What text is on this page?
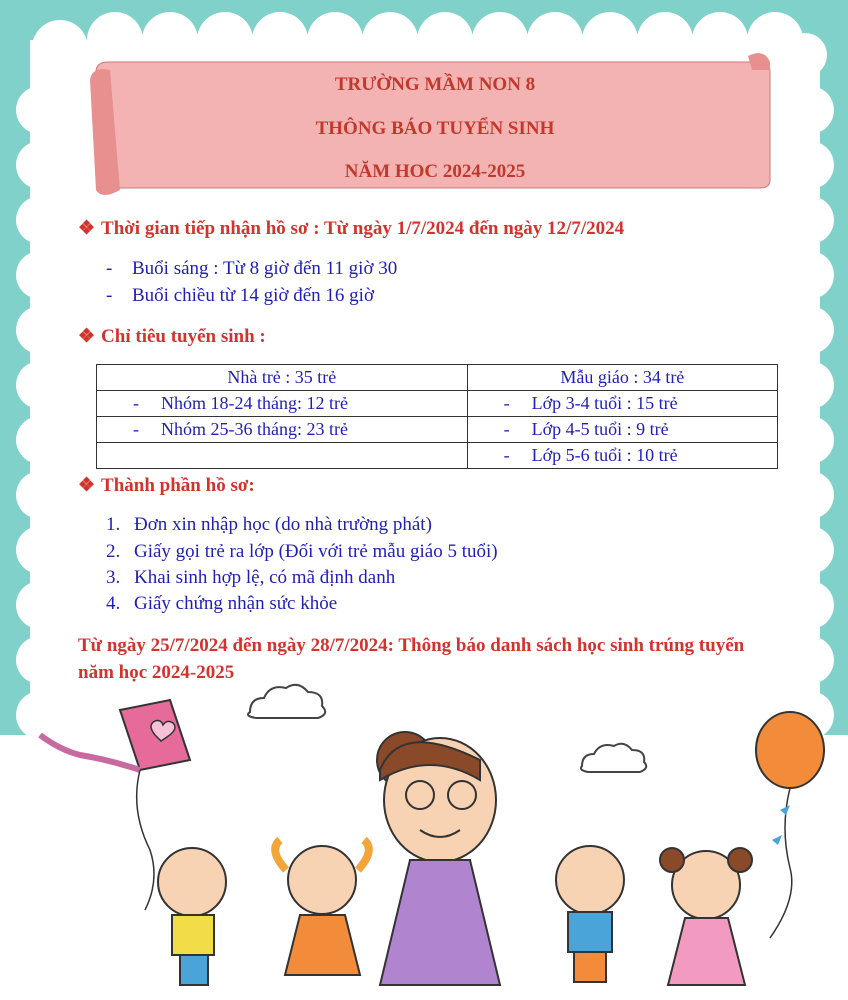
TRƯỜNG MẦM NON 8
THÔNG BÁO TUYỂN SINH
NĂM HOC 2024-2025
❖ Thời gian tiếp nhận hồ sơ : Từ ngày 1/7/2024 đến ngày 12/7/2024
- Buổi sáng : Từ 8 giờ đến 11 giờ 30
- Buổi chiều từ 14 giờ đến 16 giờ
❖ Chỉ tiêu tuyển sinh :
Nhà trẻ : 35 trẻ	Mẫu giáo : 34 trẻ
- Nhóm 18-24 tháng: 12 trẻ	- Lớp 3-4 tuổi : 15 trẻ
- Nhóm 25-36 tháng: 23 trẻ	- Lớp 4-5 tuổi : 9 trẻ
	- Lớp 5-6 tuổi : 10 trẻ
❖ Thành phần hồ sơ:
1. Đơn xin nhập học (do nhà trường phát)
2. Giấy gọi trẻ ra lớp (Đối với trẻ mẫu giáo 5 tuổi)
3. Khai sinh hợp lệ, có mã định danh
4. Giấy chứng nhận sức khỏe
Từ ngày 25/7/2024 đến ngày 28/7/2024: Thông báo danh sách học sinh trúng tuyển năm học 2024-2025
